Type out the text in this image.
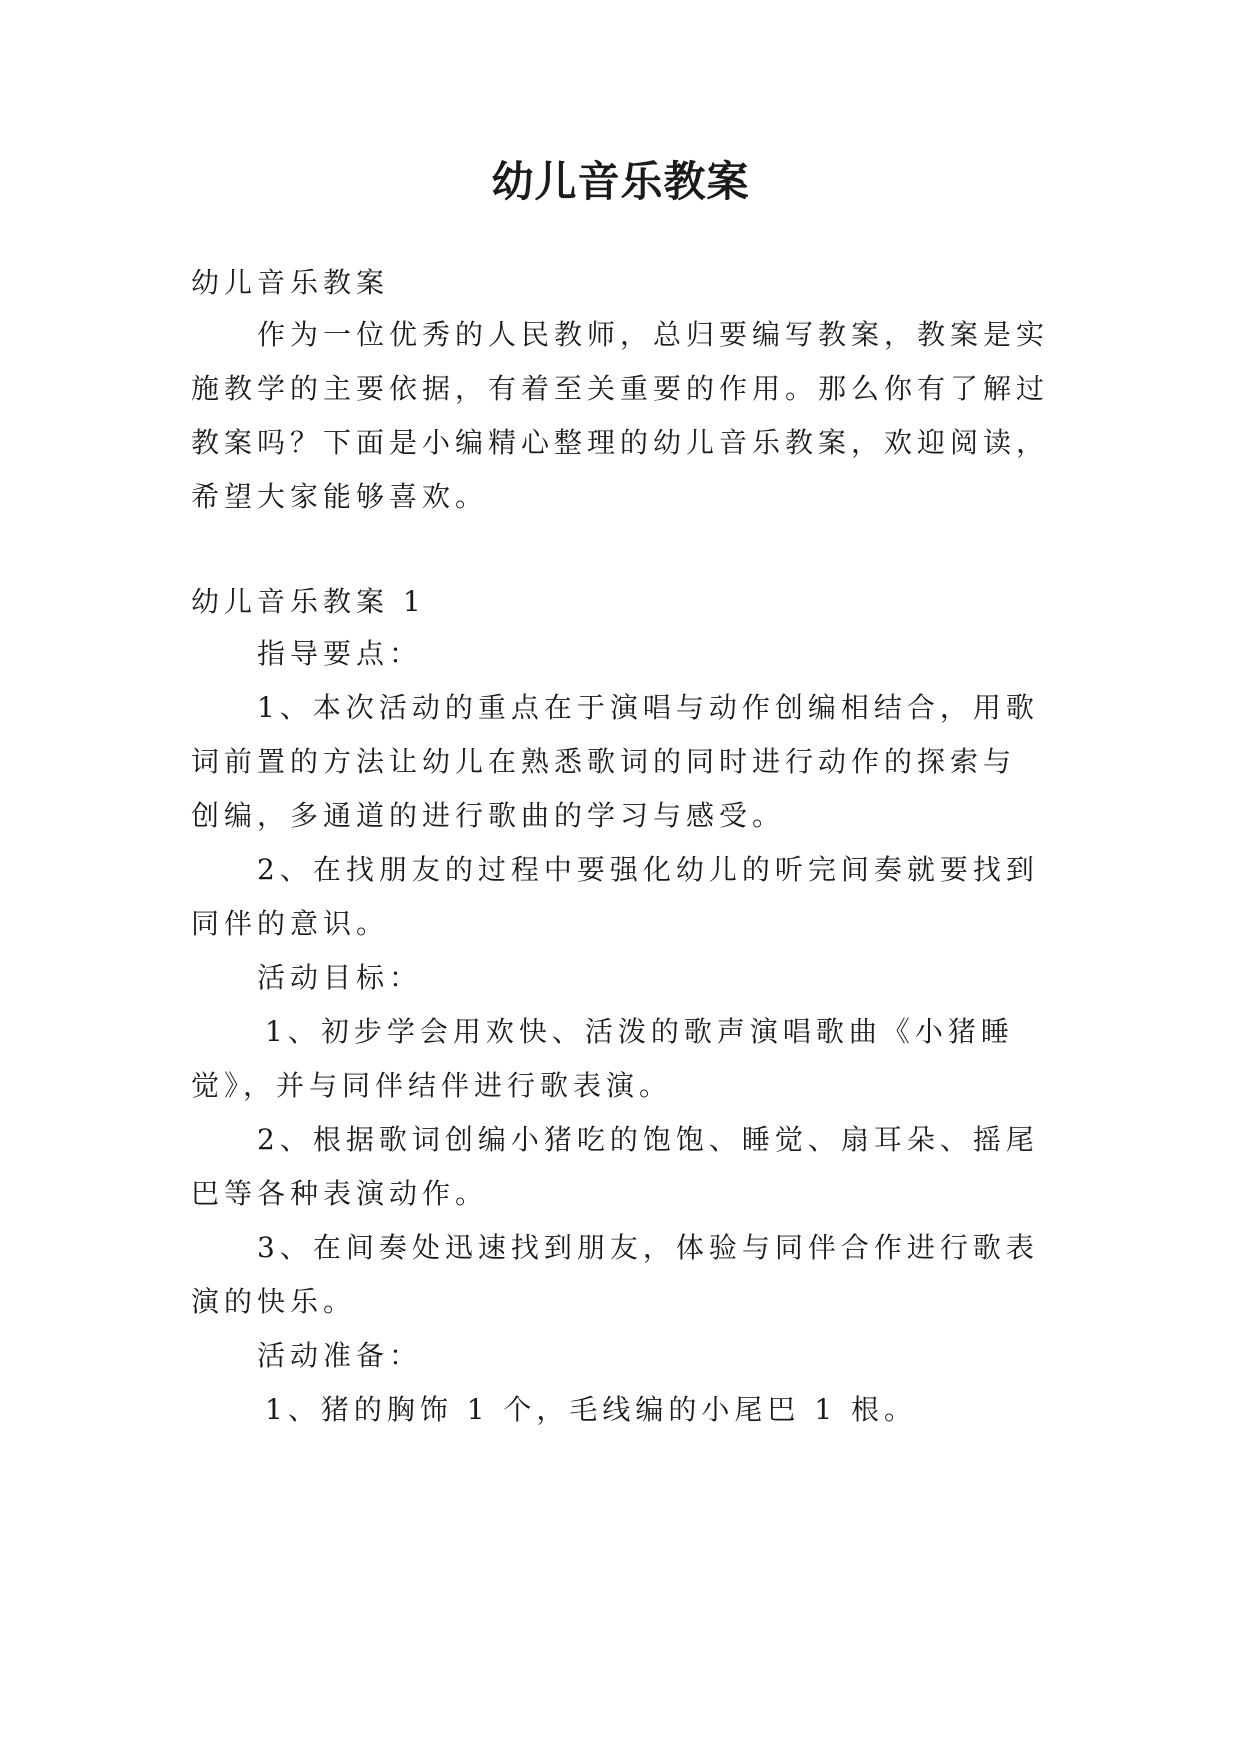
幼儿音乐教案
幼儿音乐教案
作为一位优秀的人民教师，总归要编写教案，教案是实
施教学的主要依据，有着至关重要的作用。那么你有了解过
教案吗？下面是小编精心整理的幼儿音乐教案，欢迎阅读，
希望大家能够喜欢。
幼儿音乐教案 1
指导要点：
1、本次活动的重点在于演唱与动作创编相结合，用歌
词前置的方法让幼儿在熟悉歌词的同时进行动作的探索与
创编，多通道的进行歌曲的学习与感受。
2、在找朋友的过程中要强化幼儿的听完间奏就要找到
同伴的意识。
活动目标：
1、初步学会用欢快、活泼的歌声演唱歌曲《小猪睡
觉》，并与同伴结伴进行歌表演。
2、根据歌词创编小猪吃的饱饱、睡觉、扇耳朵、摇尾
巴等各种表演动作。
3、在间奏处迅速找到朋友，体验与同伴合作进行歌表
演的快乐。
活动准备：
1、猪的胸饰 1 个，毛线编的小尾巴 1 根。
